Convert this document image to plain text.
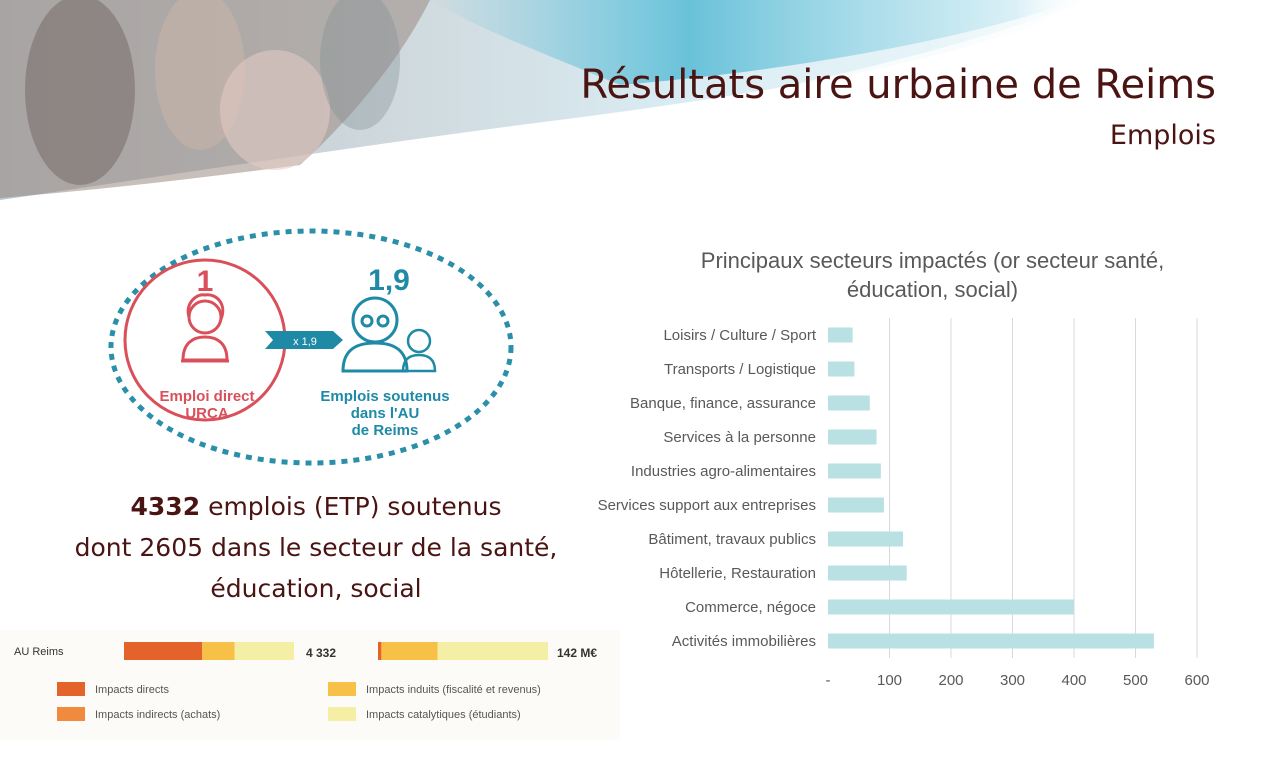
Résultats aire urbaine de Reims
Emplois
1
Emploi direct
URCA
x 1,9
1,9
Emplois soutenus
dans l'AU
de Reims
4332 emplois (ETP) soutenus
dont 2605 dans le secteur de la santé,
éducation, social
AU Reims	4 332	142 M€
Impacts directs
Impacts indirects (achats)
Impacts induits (fiscalité et revenus)
Impacts catalytiques (étudiants)
Principaux secteurs impactés (or secteur santé, éducation, social)
-	100 200 300 400 500 600
Loisirs / Culture / Sport
Transports / Logistique
Banque, finance, assurance
Services à la personne
Industries agro-alimentaires
Services support aux entreprises
Bâtiment, travaux publics
Hôtellerie, Restauration
Commerce, négoce
Activités immobilières
